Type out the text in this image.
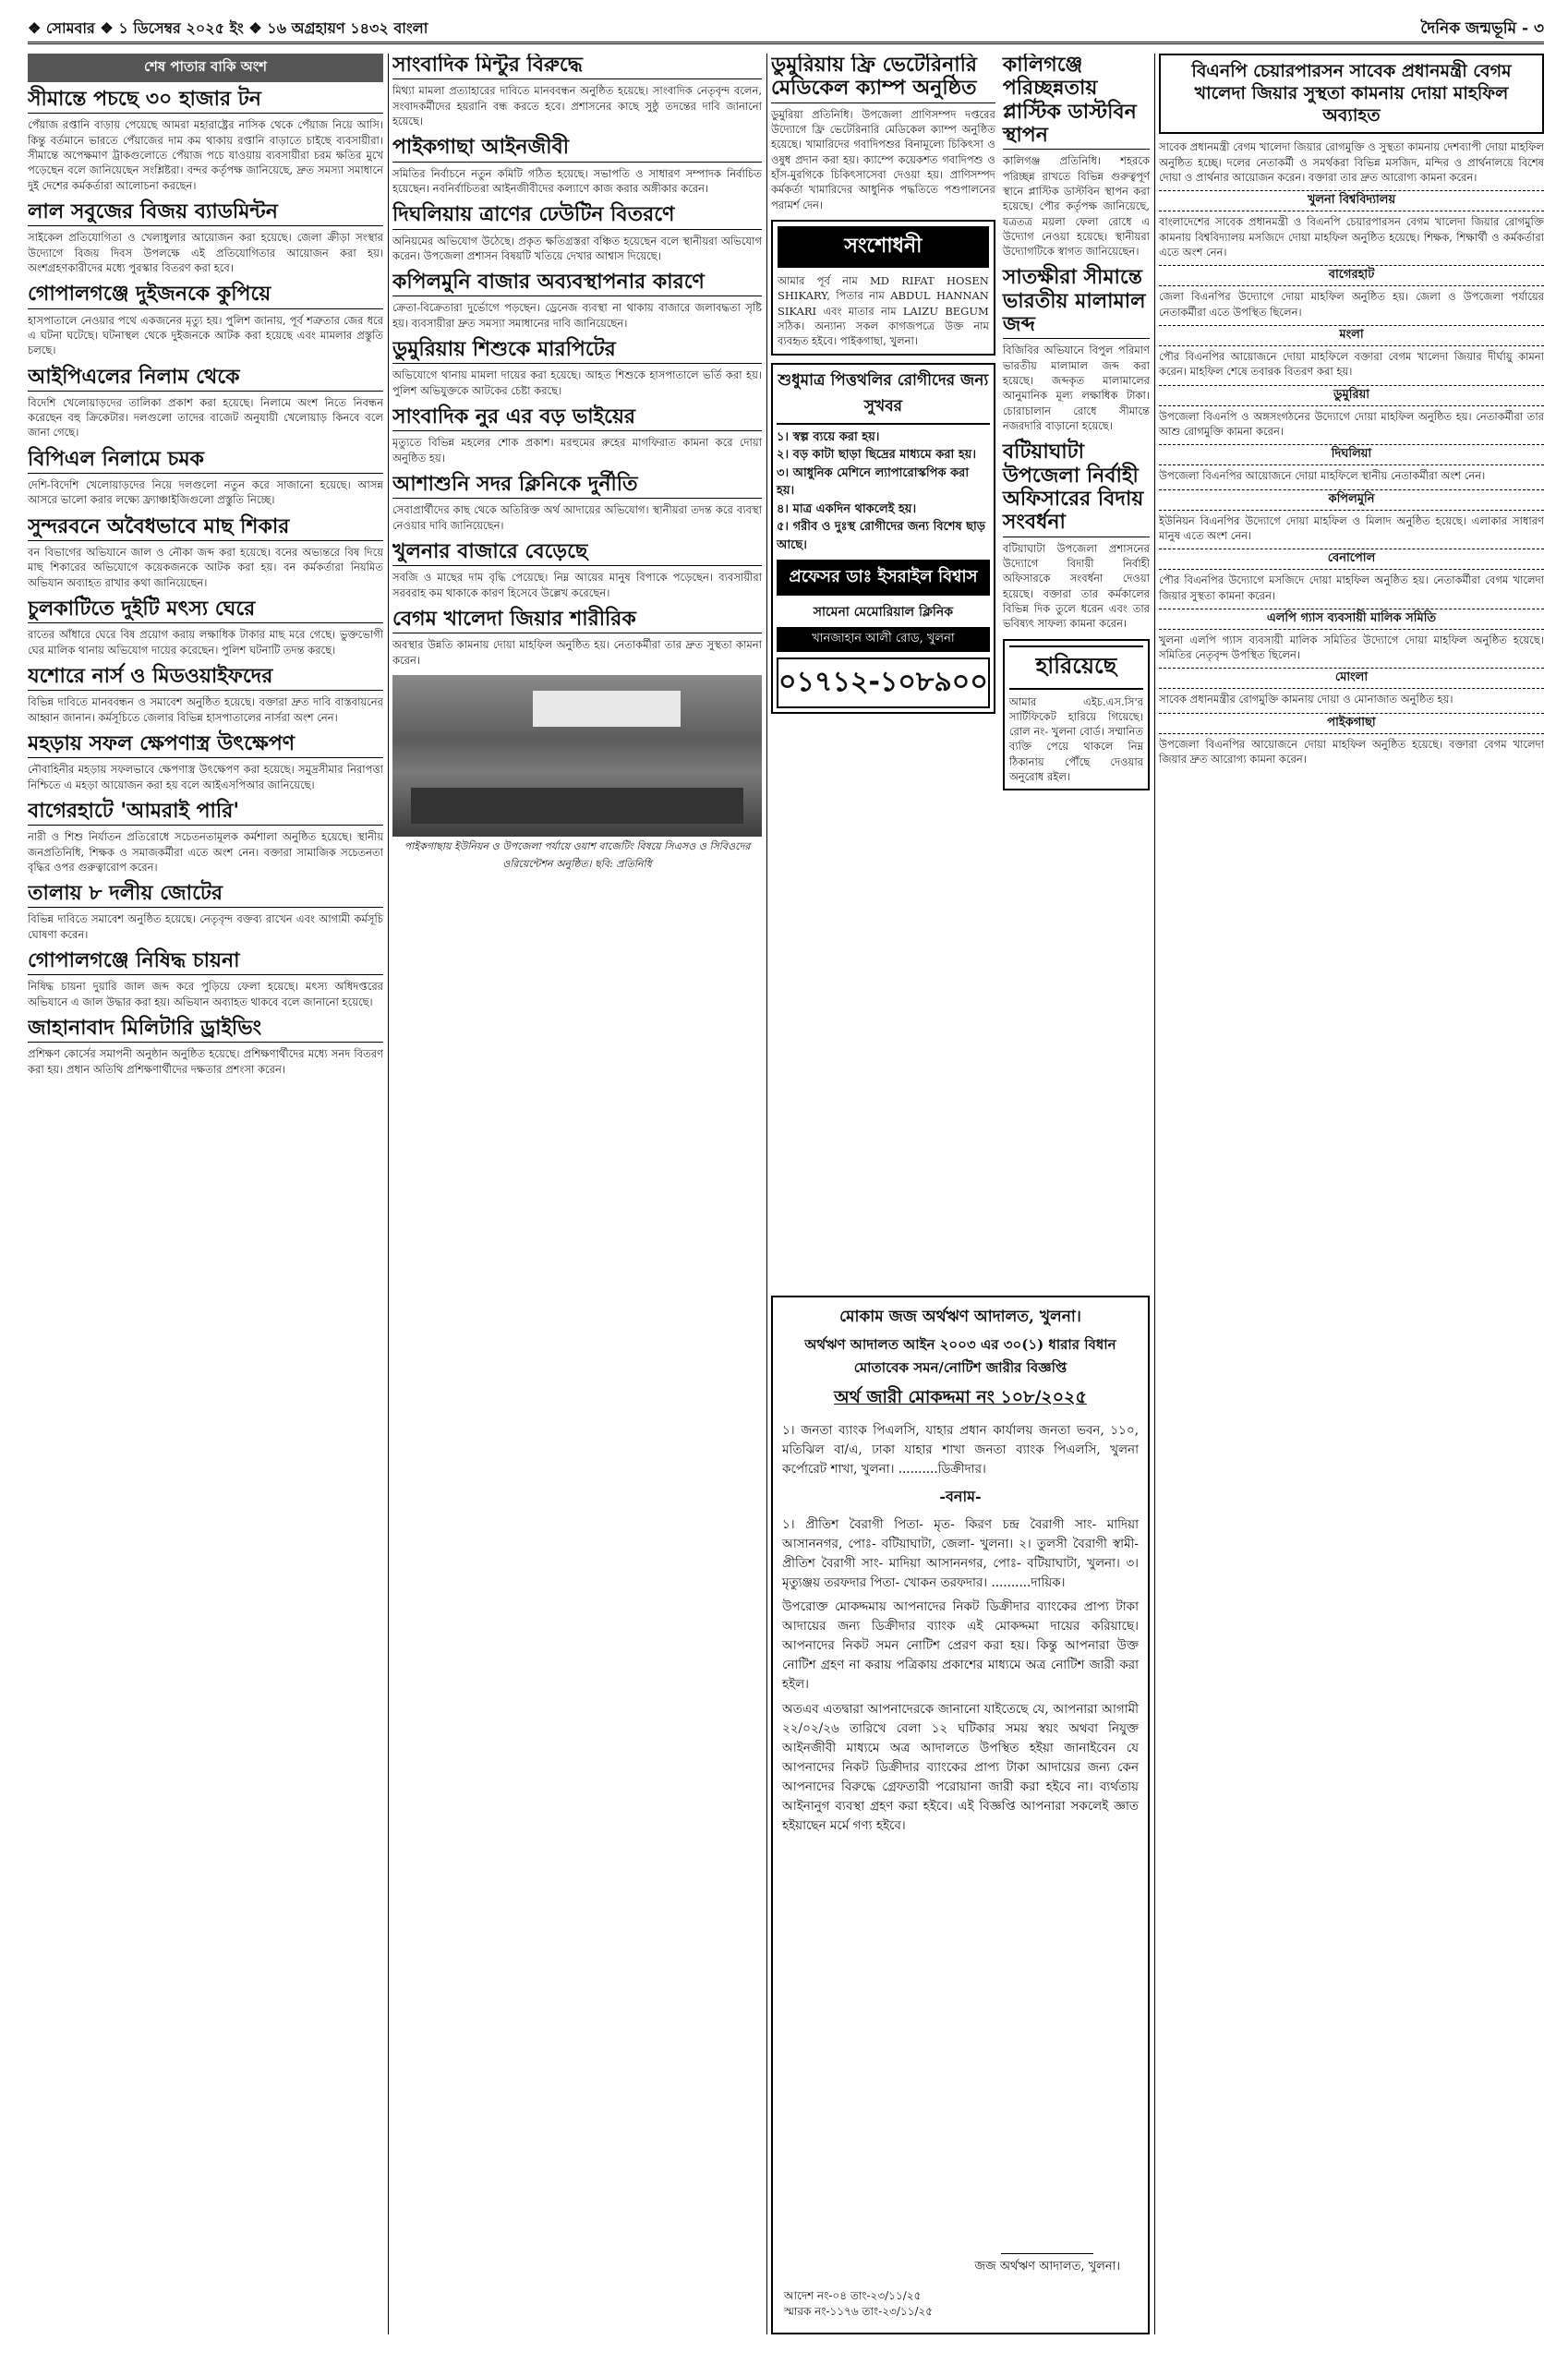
❖ সোমবার ❖ ১ ডিসেম্বর ২০২৫ ইং ❖ ১৬ অগ্রহায়ণ ১৪৩২ বাংলা	দৈনিক জন্মভূমি - ৩
শেষ পাতার বাকি অংশ
সীমান্তে পচছে ৩০ হাজার টন

পেঁয়াজ রপ্তানি বাড়ায় পেয়েছে আমরা মহারাষ্ট্রের নাসিক থেকে পেঁয়াজ নিয়ে আসি। কিন্তু বর্তমানে ভারতে পেঁয়াজের দাম কম থাকায় রপ্তানি বাড়াতে চাইছে ব্যবসায়ীরা। সীমান্তে অপেক্ষমাণ ট্রাকগুলোতে পেঁয়াজ পচে যাওয়ায় ব্যবসায়ীরা চরম ক্ষতির মুখে পড়েছেন বলে জানিয়েছেন সংশ্লিষ্টরা। বন্দর কর্তৃপক্ষ জানিয়েছে, দ্রুত সমস্যা সমাধানে দুই দেশের কর্মকর্তারা আলোচনা করছেন।

লাল সবুজের বিজয় ব্যাডমিন্টন

সাইকেল প্রতিযোগিতা ও খেলাধুলার আয়োজন করা হয়েছে। জেলা ক্রীড়া সংস্থার উদ্যোগে বিজয় দিবস উপলক্ষে এই প্রতিযোগিতার আয়োজন করা হয়। অংশগ্রহণকারীদের মধ্যে পুরস্কার বিতরণ করা হবে।

গোপালগঞ্জে দুইজনকে কুপিয়ে

হাসপাতালে নেওয়ার পথে একজনের মৃত্যু হয়। পুলিশ জানায়, পূর্ব শত্রুতার জের ধরে এ ঘটনা ঘটেছে। ঘটনাস্থল থেকে দুইজনকে আটক করা হয়েছে এবং মামলার প্রস্তুতি চলছে।

আইপিএলের নিলাম থেকে

বিদেশি খেলোয়াড়দের তালিকা প্রকাশ করা হয়েছে। নিলামে অংশ নিতে নিবন্ধন করেছেন বহু ক্রিকেটার। দলগুলো তাদের বাজেট অনুযায়ী খেলোয়াড় কিনবে বলে জানা গেছে।

বিপিএল নিলামে চমক

দেশি-বিদেশি খেলোয়াড়দের নিয়ে দলগুলো নতুন করে সাজানো হয়েছে। আসন্ন আসরে ভালো করার লক্ষ্যে ফ্র্যাঞ্চাইজিগুলো প্রস্তুতি নিচ্ছে।

সুন্দরবনে অবৈধভাবে মাছ শিকার

বন বিভাগের অভিযানে জাল ও নৌকা জব্দ করা হয়েছে। বনের অভ্যন্তরে বিষ দিয়ে মাছ শিকারের অভিযোগে কয়েকজনকে আটক করা হয়। বন কর্মকর্তারা নিয়মিত অভিযান অব্যাহত রাখার কথা জানিয়েছেন।

চুলকাটিতে দুইটি মৎস্য ঘেরে

রাতের আঁধারে ঘেরে বিষ প্রয়োগ করায় লক্ষাধিক টাকার মাছ মরে গেছে। ভুক্তভোগী ঘের মালিক থানায় অভিযোগ দায়ের করেছেন। পুলিশ ঘটনাটি তদন্ত করছে।

যশোরে নার্স ও মিডওয়াইফদের

বিভিন্ন দাবিতে মানববন্ধন ও সমাবেশ অনুষ্ঠিত হয়েছে। বক্তারা দ্রুত দাবি বাস্তবায়নের আহ্বান জানান। কর্মসূচিতে জেলার বিভিন্ন হাসপাতালের নার্সরা অংশ নেন।

মহড়ায় সফল ক্ষেপণাস্ত্র উৎক্ষেপণ

নৌবাহিনীর মহড়ায় সফলভাবে ক্ষেপণাস্ত্র উৎক্ষেপণ করা হয়েছে। সমুদ্রসীমার নিরাপত্তা নিশ্চিতে এ মহড়া আয়োজন করা হয় বলে আইএসপিআর জানিয়েছে।

বাগেরহাটে 'আমরাই পারি'

নারী ও শিশু নির্যাতন প্রতিরোধে সচেতনতামূলক কর্মশালা অনুষ্ঠিত হয়েছে। স্থানীয় জনপ্রতিনিধি, শিক্ষক ও সমাজকর্মীরা এতে অংশ নেন। বক্তারা সামাজিক সচেতনতা বৃদ্ধির ওপর গুরুত্বারোপ করেন।

তালায় ৮ দলীয় জোটের

বিভিন্ন দাবিতে সমাবেশ অনুষ্ঠিত হয়েছে। নেতৃবৃন্দ বক্তব্য রাখেন এবং আগামী কর্মসূচি ঘোষণা করেন।

গোপালগঞ্জে নিষিদ্ধ চায়না

নিষিদ্ধ চায়না দুয়ারি জাল জব্দ করে পুড়িয়ে ফেলা হয়েছে। মৎস্য অধিদপ্তরের অভিযানে এ জাল উদ্ধার করা হয়। অভিযান অব্যাহত থাকবে বলে জানানো হয়েছে।

জাহানাবাদ মিলিটারি ড্রাইভিং

প্রশিক্ষণ কোর্সের সমাপনী অনুষ্ঠান অনুষ্ঠিত হয়েছে। প্রশিক্ষণার্থীদের মধ্যে সনদ বিতরণ করা হয়। প্রধান অতিথি প্রশিক্ষণার্থীদের দক্ষতার প্রশংসা করেন।

সাংবাদিক মিন্টুর বিরুদ্ধে

মিথ্যা মামলা প্রত্যাহারের দাবিতে মানববন্ধন অনুষ্ঠিত হয়েছে। সাংবাদিক নেতৃবৃন্দ বলেন, সংবাদকর্মীদের হয়রানি বন্ধ করতে হবে। প্রশাসনের কাছে সুষ্ঠু তদন্তের দাবি জানানো হয়েছে।

পাইকগাছা আইনজীবী

সমিতির নির্বাচনে নতুন কমিটি গঠিত হয়েছে। সভাপতি ও সাধারণ সম্পাদক নির্বাচিত হয়েছেন। নবনির্বাচিতরা আইনজীবীদের কল্যাণে কাজ করার অঙ্গীকার করেন।

দিঘলিয়ায় ত্রাণের ঢেউটিন বিতরণে

অনিয়মের অভিযোগ উঠেছে। প্রকৃত ক্ষতিগ্রস্তরা বঞ্চিত হয়েছেন বলে স্থানীয়রা অভিযোগ করেন। উপজেলা প্রশাসন বিষয়টি খতিয়ে দেখার আশ্বাস দিয়েছে।

কপিলমুনি বাজার অব্যবস্থাপনার কারণে

ক্রেতা-বিক্রেতারা দুর্ভোগে পড়ছেন। ড্রেনেজ ব্যবস্থা না থাকায় বাজারে জলাবদ্ধতা সৃষ্টি হয়। ব্যবসায়ীরা দ্রুত সমস্যা সমাধানের দাবি জানিয়েছেন।

ডুমুরিয়ায় শিশুকে মারপিটের

অভিযোগে থানায় মামলা দায়ের করা হয়েছে। আহত শিশুকে হাসপাতালে ভর্তি করা হয়। পুলিশ অভিযুক্তকে আটকের চেষ্টা করছে।

সাংবাদিক নুর এর বড় ভাইয়ের

মৃত্যুতে বিভিন্ন মহলের শোক প্রকাশ। মরহুমের রুহের মাগফিরাত কামনা করে দোয়া অনুষ্ঠিত হয়।

আশাশুনি সদর ক্লিনিকে দুর্নীতি

সেবাপ্রার্থীদের কাছ থেকে অতিরিক্ত অর্থ আদায়ের অভিযোগ। স্থানীয়রা তদন্ত করে ব্যবস্থা নেওয়ার দাবি জানিয়েছেন।

খুলনার বাজারে বেড়েছে

সবজি ও মাছের দাম বৃদ্ধি পেয়েছে। নিম্ন আয়ের মানুষ বিপাকে পড়েছেন। ব্যবসায়ীরা সরবরাহ কম থাকাকে কারণ হিসেবে উল্লেখ করেছেন।

বেগম খালেদা জিয়ার শারীরিক

অবস্থার উন্নতি কামনায় দোয়া মাহফিল অনুষ্ঠিত হয়। নেতাকর্মীরা তার দ্রুত সুস্থতা কামনা করেন।

পাইকগাছায় ইউনিয়ন ও উপজেলা পর্যায়ে ওয়াশ বাজেটিং বিষয়ে সিএসও ও সিবিওদের ওরিয়েন্টেশন অনুষ্ঠিত। ছবি: প্রতিনিধি
ডুমুরিয়ায় ফ্রি ভেটেরিনারি মেডিকেল ক্যাম্প অনুষ্ঠিত

ডুমুরিয়া প্রতিনিধি। উপজেলা প্রাণিসম্পদ দপ্তরের উদ্যোগে ফ্রি ভেটেরিনারি মেডিকেল ক্যাম্প অনুষ্ঠিত হয়েছে। খামারিদের গবাদিপশুর বিনামূল্যে চিকিৎসা ও ওষুধ প্রদান করা হয়। ক্যাম্পে কয়েকশত গবাদিপশু ও হাঁস-মুরগিকে চিকিৎসাসেবা দেওয়া হয়। প্রাণিসম্পদ কর্মকর্তা খামারিদের আধুনিক পদ্ধতিতে পশুপালনের পরামর্শ দেন।

সংশোধনী

আমার পূর্ব নাম MD RIFAT HOSEN SHIKARY, পিতার নাম ABDUL HANNAN SIKARI এবং মাতার নাম LAIZU BEGUM সঠিক। অন্যান্য সকল কাগজপত্রে উক্ত নাম ব্যবহৃত হইবে। পাইকগাছা, খুলনা।

শুধুমাত্র পিত্তথলির রোগীদের জন্য সুখবর
১। স্বল্প ব্যয়ে করা হয়।
২। বড় কাটা ছাড়া ছিদ্রের মাধ্যমে করা হয়।
৩। আধুনিক মেশিনে ল্যাপারোস্কপিক করা হয়।
৪। মাত্র একদিন থাকলেই হয়।
৫। গরীব ও দুঃস্থ রোগীদের জন্য বিশেষ ছাড় আছে।
প্রফেসর ডাঃ ইসরাইল বিশ্বাস
সামেনা মেমোরিয়াল ক্লিনিক
খানজাহান আলী রোড, খুলনা
০১৭১২-১০৮৯০০
কালিগঞ্জে পরিচ্ছন্নতায় প্লাস্টিক ডাস্টবিন স্থাপন

কালিগঞ্জ প্রতিনিধি। শহরকে পরিচ্ছন্ন রাখতে বিভিন্ন গুরুত্বপূর্ণ স্থানে প্লাস্টিক ডাস্টবিন স্থাপন করা হয়েছে। পৌর কর্তৃপক্ষ জানিয়েছে, যত্রতত্র ময়লা ফেলা রোধে এ উদ্যোগ নেওয়া হয়েছে। স্থানীয়রা উদ্যোগটিকে স্বাগত জানিয়েছেন।

সাতক্ষীরা সীমান্তে ভারতীয় মালামাল জব্দ

বিজিবির অভিযানে বিপুল পরিমাণ ভারতীয় মালামাল জব্দ করা হয়েছে। জব্দকৃত মালামালের আনুমানিক মূল্য লক্ষাধিক টাকা। চোরাচালান রোধে সীমান্তে নজরদারি বাড়ানো হয়েছে।

বটিয়াঘাটা উপজেলা নির্বাহী অফিসারের বিদায় সংবর্ধনা

বটিয়াঘাটা উপজেলা প্রশাসনের উদ্যোগে বিদায়ী নির্বাহী অফিসারকে সংবর্ধনা দেওয়া হয়েছে। বক্তারা তার কর্মকালের বিভিন্ন দিক তুলে ধরেন এবং তার ভবিষ্যৎ সাফল্য কামনা করেন।

হারিয়েছে

আমার এইচ.এস.সি'র সার্টিফিকেট হারিয়ে গিয়েছে। রোল নং- খুলনা বোর্ড। সম্মানিত ব্যক্তি পেয়ে থাকলে নিম্ন ঠিকানায় পৌঁছে দেওয়ার অনুরোধ রইল।

মোকাম জজ অর্থঋণ আদালত, খুলনা।
অর্থঋণ আদালত আইন ২০০৩ এর ৩০(১) ধারার বিধান মোতাবেক সমন/নোটিশ জারীর বিজ্ঞপ্তি
অর্থ জারী মোকদ্দমা নং ১০৮/২০২৫

১। জনতা ব্যাংক পিএলসি, যাহার প্রধান কার্যালয় জনতা ভবন, ১১০, মতিঝিল বা/এ, ঢাকা যাহার শাখা জনতা ব্যাংক পিএলসি, খুলনা কর্পোরেট শাখা, খুলনা। ..........ডিক্রীদার।

-বনাম-

১। প্রীতিশ বৈরাগী পিতা- মৃত- কিরণ চন্দ্র বৈরাগী সাং- মাদিয়া আসাননগর, পোঃ- বটিয়াঘাটা, জেলা- খুলনা। ২। তুলসী বৈরাগী স্বামী- প্রীতিশ বৈরাগী সাং- মাদিয়া আসাননগর, পোঃ- বটিয়াঘাটা, খুলনা। ৩। মৃত্যুঞ্জয় তরফদার পিতা- খোকন তরফদার। ..........দায়িক।

উপরোক্ত মোকদ্দমায় আপনাদের নিকট ডিক্রীদার ব্যাংকের প্রাপ্য টাকা আদায়ের জন্য ডিক্রীদার ব্যাংক এই মোকদ্দমা দায়ের করিয়াছে। আপনাদের নিকট সমন নোটিশ প্রেরণ করা হয়। কিন্তু আপনারা উক্ত নোটিশ গ্রহণ না করায় পত্রিকায় প্রকাশের মাধ্যমে অত্র নোটিশ জারী করা হইল।

অতএব এতদ্বারা আপনাদেরকে জানানো যাইতেছে যে, আপনারা আগামী ২২/০২/২৬ তারিখে বেলা ১২ ঘটিকার সময় স্বয়ং অথবা নিযুক্ত আইনজীবী মাধ্যমে অত্র আদালতে উপস্থিত হইয়া জানাইবেন যে আপনাদের নিকট ডিক্রীদার ব্যাংকের প্রাপ্য টাকা আদায়ের জন্য কেন আপনাদের বিরুদ্ধে গ্রেফতারী পরোয়ানা জারী করা হইবে না। ব্যর্থতায় আইনানুগ ব্যবস্থা গ্রহণ করা হইবে। এই বিজ্ঞপ্তি আপনারা সকলেই জ্ঞাত হইয়াছেন মর্মে গণ্য হইবে।

জজ অর্থঋণ আদালত, খুলনা।
আদেশ নং-০৪ তাং-২৩/১১/২৫
স্মারক নং-১১৭৬ তাং-২৩/১১/২৫
বিএনপি চেয়ারপারসন সাবেক প্রধানমন্ত্রী বেগম খালেদা জিয়ার সুস্থতা কামনায় দোয়া মাহফিল অব্যাহত

সাবেক প্রধানমন্ত্রী বেগম খালেদা জিয়ার রোগমুক্তি ও সুস্থতা কামনায় দেশব্যাপী দোয়া মাহফিল অনুষ্ঠিত হচ্ছে। দলের নেতাকর্মী ও সমর্থকরা বিভিন্ন মসজিদ, মন্দির ও প্রার্থনালয়ে বিশেষ দোয়া ও প্রার্থনার আয়োজন করেন। বক্তারা তার দ্রুত আরোগ্য কামনা করেন।

খুলনা বিশ্ববিদ্যালয়

বাংলাদেশের সাবেক প্রধানমন্ত্রী ও বিএনপি চেয়ারপারসন বেগম খালেদা জিয়ার রোগমুক্তি কামনায় বিশ্ববিদ্যালয় মসজিদে দোয়া মাহফিল অনুষ্ঠিত হয়েছে। শিক্ষক, শিক্ষার্থী ও কর্মকর্তারা এতে অংশ নেন।

বাগেরহাট

জেলা বিএনপির উদ্যোগে দোয়া মাহফিল অনুষ্ঠিত হয়। জেলা ও উপজেলা পর্যায়ের নেতাকর্মীরা এতে উপস্থিত ছিলেন।

মংলা

পৌর বিএনপির আয়োজনে দোয়া মাহফিলে বক্তারা বেগম খালেদা জিয়ার দীর্ঘায়ু কামনা করেন। মাহফিল শেষে তবারক বিতরণ করা হয়।

ডুমুরিয়া

উপজেলা বিএনপি ও অঙ্গসংগঠনের উদ্যোগে দোয়া মাহফিল অনুষ্ঠিত হয়। নেতাকর্মীরা তার আশু রোগমুক্তি কামনা করেন।

দিঘলিয়া

উপজেলা বিএনপির আয়োজনে দোয়া মাহফিলে স্থানীয় নেতাকর্মীরা অংশ নেন।

কপিলমুনি

ইউনিয়ন বিএনপির উদ্যোগে দোয়া মাহফিল ও মিলাদ অনুষ্ঠিত হয়েছে। এলাকার সাধারণ মানুষ এতে অংশ নেন।

বেনাপোল

পৌর বিএনপির উদ্যোগে মসজিদে দোয়া মাহফিল অনুষ্ঠিত হয়। নেতাকর্মীরা বেগম খালেদা জিয়ার সুস্থতা কামনা করেন।

এলপি গ্যাস ব্যবসায়ী মালিক সমিতি

খুলনা এলপি গ্যাস ব্যবসায়ী মালিক সমিতির উদ্যোগে দোয়া মাহফিল অনুষ্ঠিত হয়েছে। সমিতির নেতৃবৃন্দ উপস্থিত ছিলেন।

মোংলা

সাবেক প্রধানমন্ত্রীর রোগমুক্তি কামনায় দোয়া ও মোনাজাত অনুষ্ঠিত হয়।

পাইকগাছা

উপজেলা বিএনপির আয়োজনে দোয়া মাহফিল অনুষ্ঠিত হয়েছে। বক্তারা বেগম খালেদা জিয়ার দ্রুত আরোগ্য কামনা করেন।
